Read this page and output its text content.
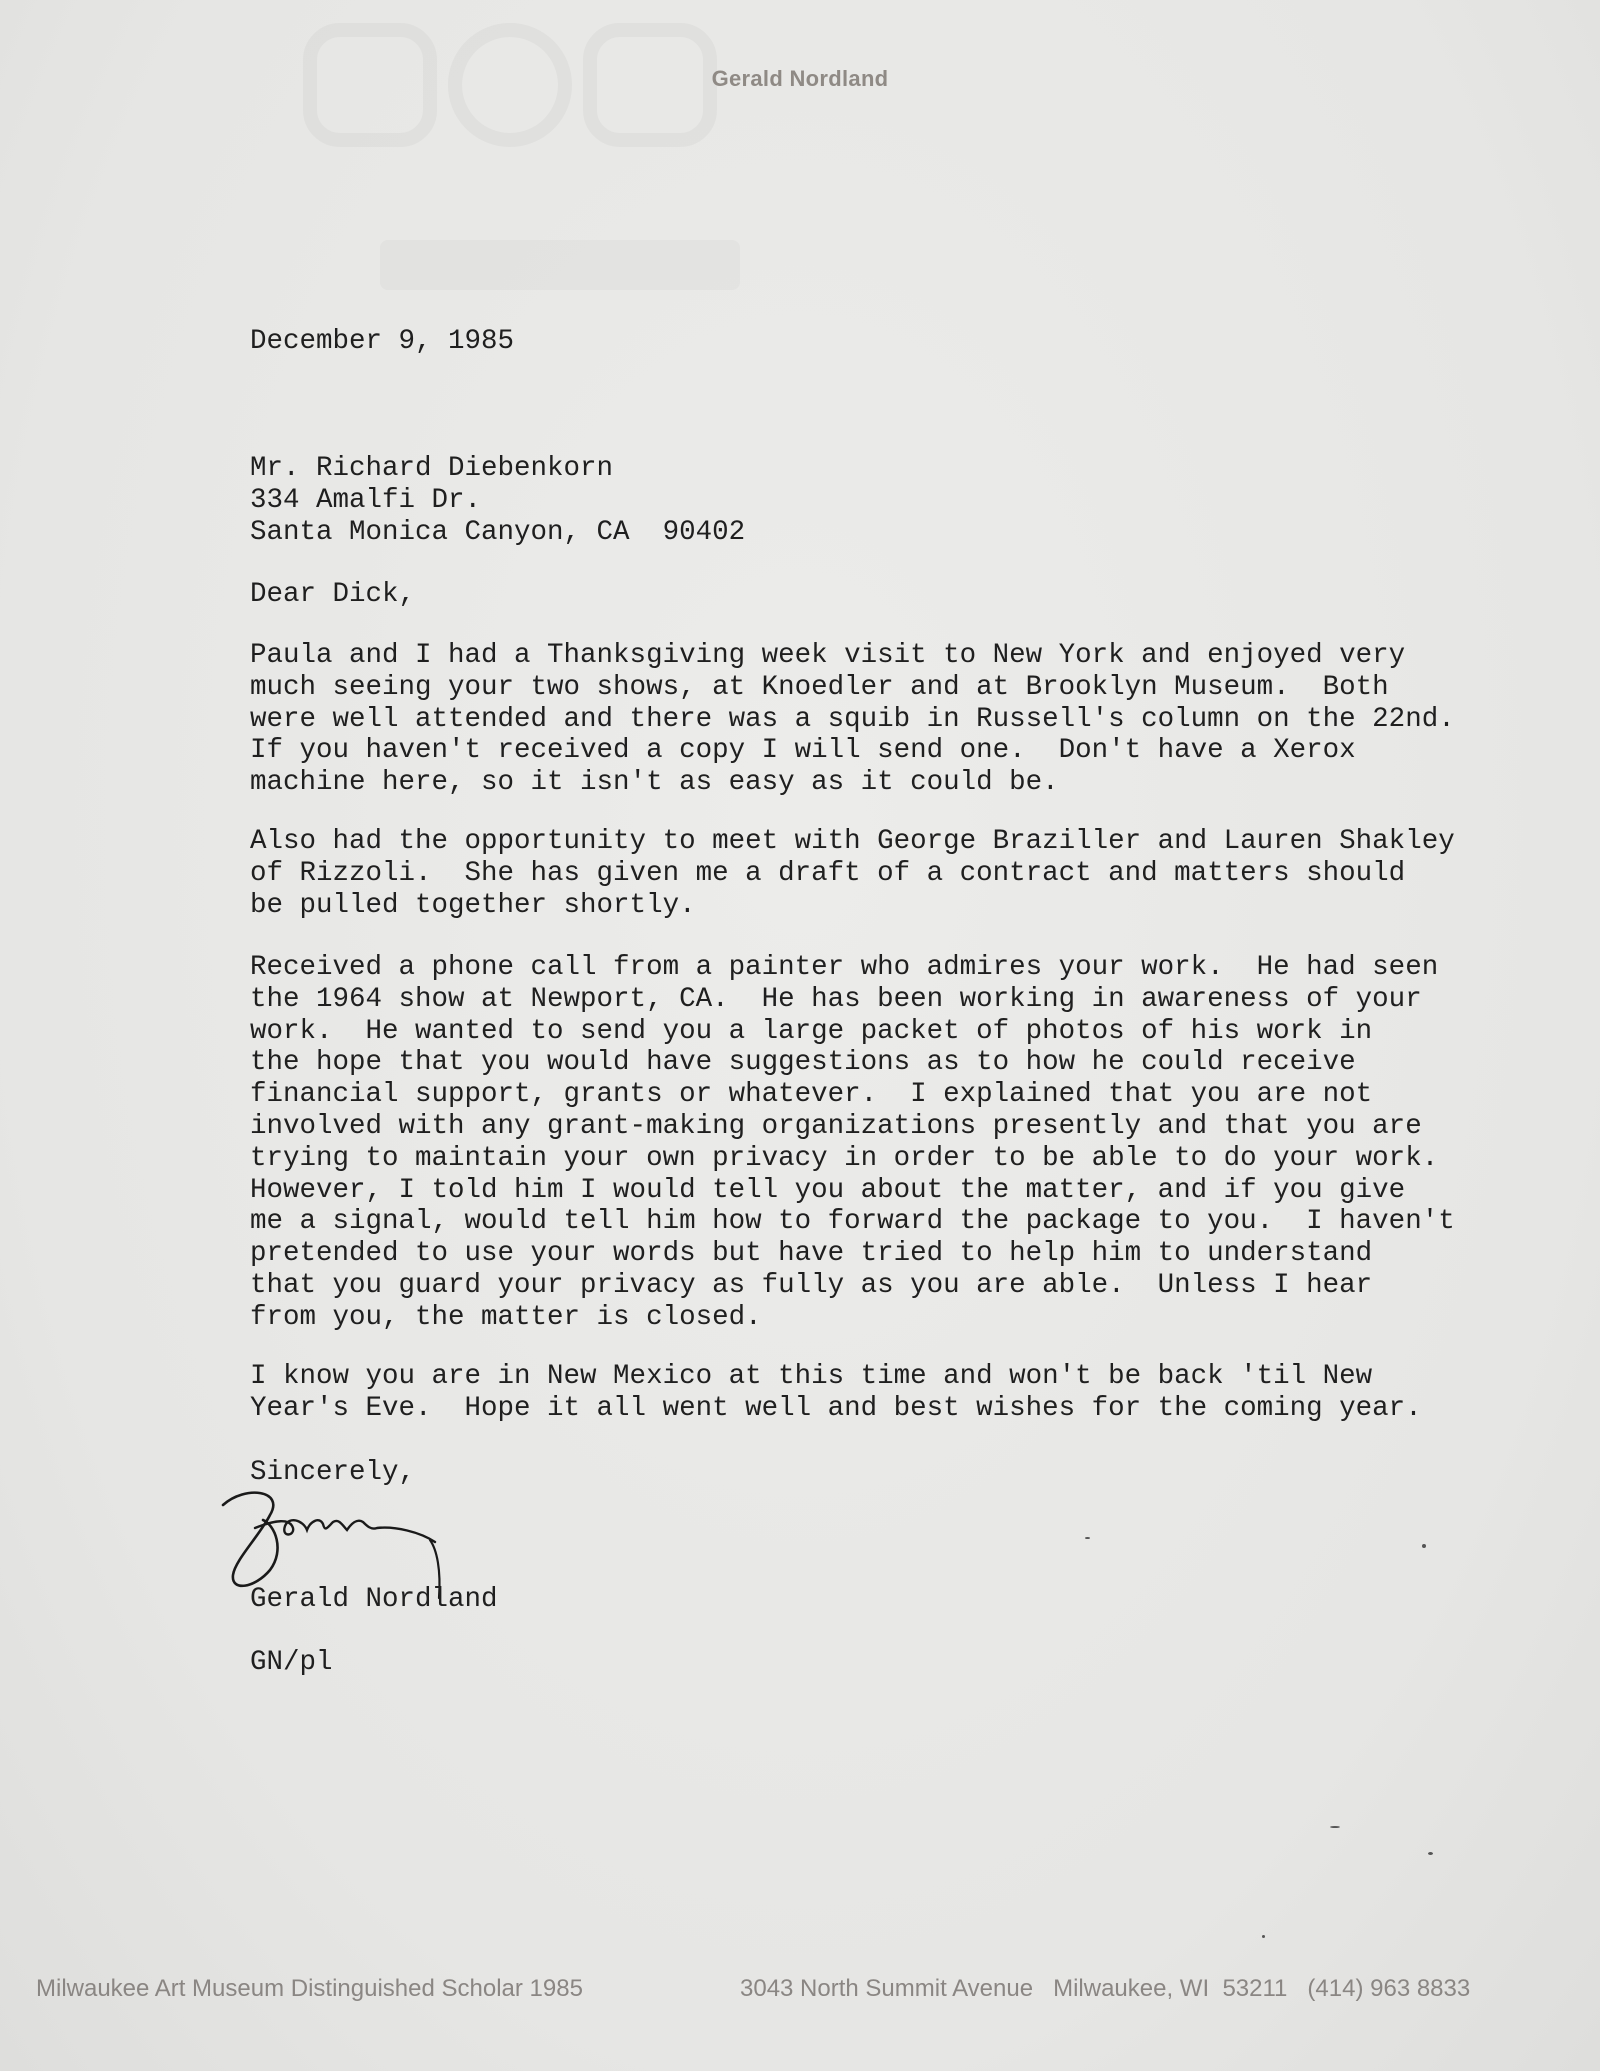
Gerald Nordland
December 9, 1985
Mr. Richard Diebenkorn
334 Amalfi Dr.
Santa Monica Canyon, CA  90402
Dear Dick,
Paula and I had a Thanksgiving week visit to New York and enjoyed very
much seeing your two shows, at Knoedler and at Brooklyn Museum.  Both
were well attended and there was a squib in Russell's column on the 22nd.
If you haven't received a copy I will send one.  Don't have a Xerox
machine here, so it isn't as easy as it could be.
Also had the opportunity to meet with George Braziller and Lauren Shakley
of Rizzoli.  She has given me a draft of a contract and matters should
be pulled together shortly.
Received a phone call from a painter who admires your work.  He had seen
the 1964 show at Newport, CA.  He has been working in awareness of your
work.  He wanted to send you a large packet of photos of his work in
the hope that you would have suggestions as to how he could receive
financial support, grants or whatever.  I explained that you are not
involved with any grant-making organizations presently and that you are
trying to maintain your own privacy in order to be able to do your work.
However, I told him I would tell you about the matter, and if you give
me a signal, would tell him how to forward the package to you.  I haven't
pretended to use your words but have tried to help him to understand
that you guard your privacy as fully as you are able.  Unless I hear
from you, the matter is closed.
I know you are in New Mexico at this time and won't be back 'til New
Year's Eve.  Hope it all went well and best wishes for the coming year.
Sincerely,
Gerald Nordland
GN/pl
Milwaukee Art Museum Distinguished Scholar 1985	3043 North Summit Avenue Milwaukee, WI  53211 (414) 963 8833
